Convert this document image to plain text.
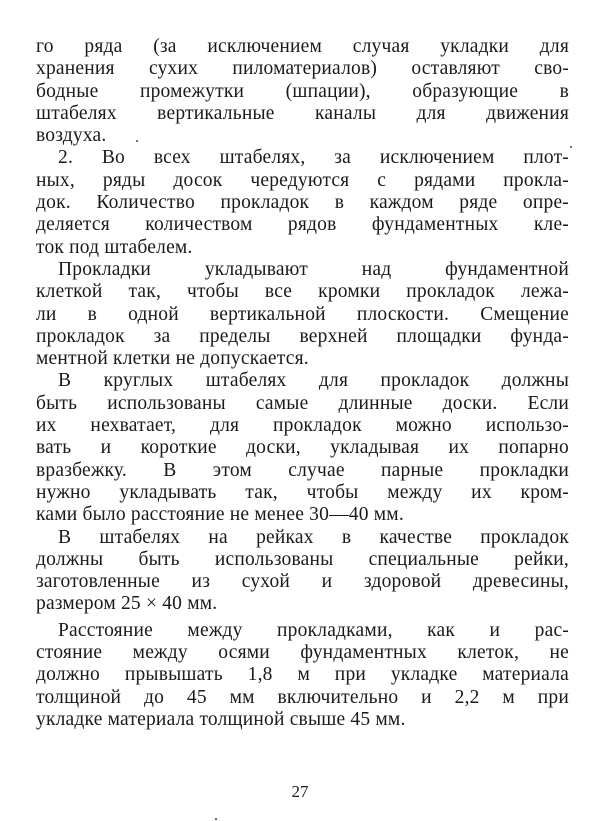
го ряда (за исключением случая укладки для
хранения сухих пиломатериалов) оставляют сво-
бодные промежутки (шпации), образующие в
штабелях вертикальные каналы для движения
воздуха.
2. Во всех штабелях, за исключением плот-
ных, ряды досок чередуются с рядами прокла-
док. Количество прокладок в каждом ряде опре-
деляется количеством рядов фундаментных кле-
ток под штабелем.
Прокладки укладывают над фундаментной
клеткой так, чтобы все кромки прокладок лежа-
ли в одной вертикальной плоскости. Смещение
прокладок за пределы верхней площадки фунда-
ментной клетки не допускается.
В круглых штабелях для прокладок должны
быть использованы самые длинные доски. Если
их нехватает, для прокладок можно использо-
вать и короткие доски, укладывая их попарно
вразбежку. В этом случае парные прокладки
нужно укладывать так, чтобы между их кром-
ками было расстояние не менее 30—40 мм.
В штабелях на рейках в качестве прокладок
должны быть использованы специальные рейки,
заготовленные из сухой и здоровой древесины,
размером 25 × 40 мм.
Расстояние между прокладками, как и рас-
стояние между осями фундаментных клеток, не
должно прывышать 1,8 м при укладке материала
толщиной до 45 мм включительно и 2,2 м при
укладке материала толщиной свыше 45 мм.
27
